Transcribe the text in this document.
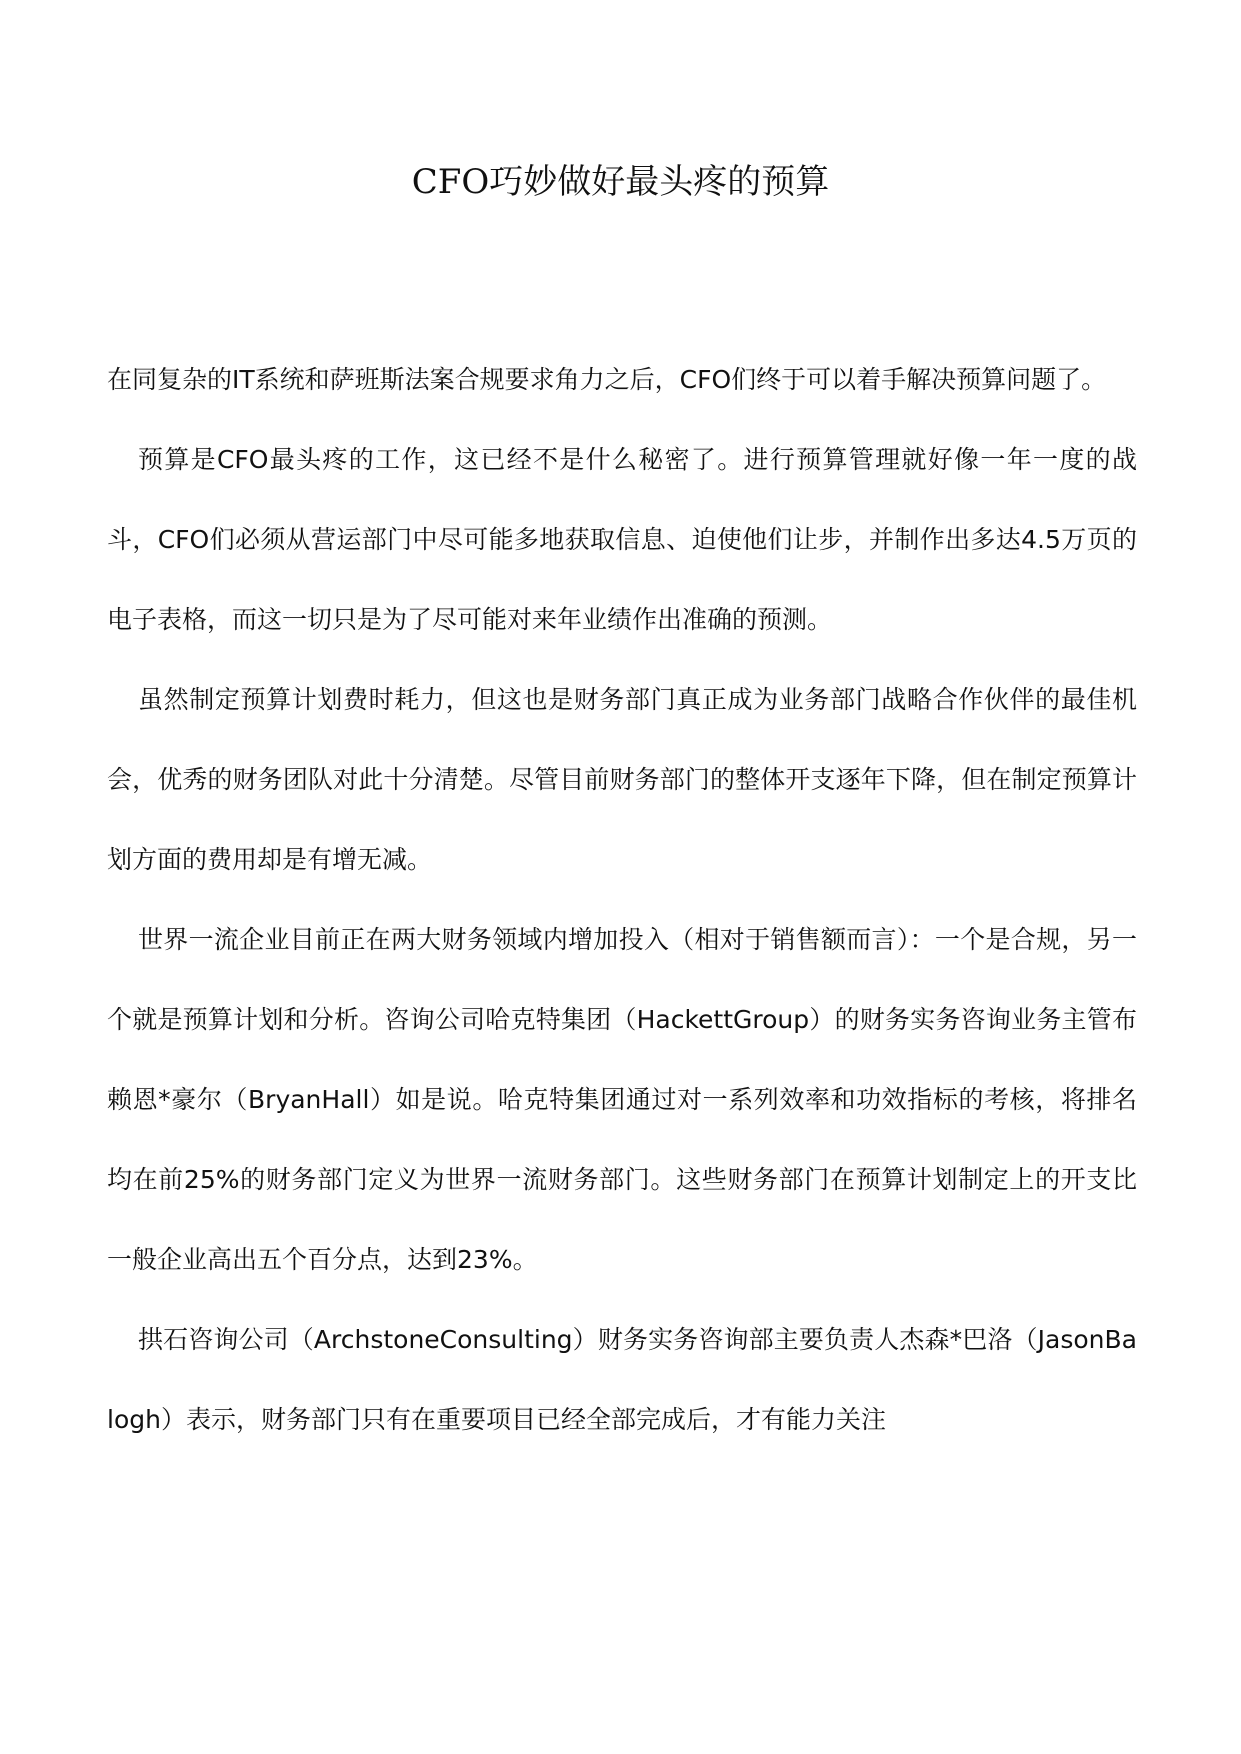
CFO巧妙做好最头疼的预算

在同复杂的IT系统和萨班斯法案合规要求角力之后，CFO们终于可以着手解决预算问题了。

预算是CFO最头疼的工作，这已经不是什么秘密了。进行预算管理就好像一年一度的战斗，CFO们必须从营运部门中尽可能多地获取信息、迫使他们让步，并制作出多达4.5万页的电子表格，而这一切只是为了尽可能对来年业绩作出准确的预测。

虽然制定预算计划费时耗力，但这也是财务部门真正成为业务部门战略合作伙伴的最佳机会，优秀的财务团队对此十分清楚。尽管目前财务部门的整体开支逐年下降，但在制定预算计划方面的费用却是有增无减。

世界一流企业目前正在两大财务领域内增加投入（相对于销售额而言）：一个是合规，另一个就是预算计划和分析。咨询公司哈克特集团（HackettGroup）的财务实务咨询业务主管布赖恩*豪尔（BryanHall）如是说。哈克特集团通过对一系列效率和功效指标的考核，将排名均在前25%的财务部门定义为世界一流财务部门。这些财务部门在预算计划制定上的开支比一般企业高出五个百分点，达到23%。

拱石咨询公司（ArchstoneConsulting）财务实务咨询部主要负责人杰森*巴洛（JasonBalogh）表示，财务部门只有在重要项目已经全部完成后，才有能力关注
